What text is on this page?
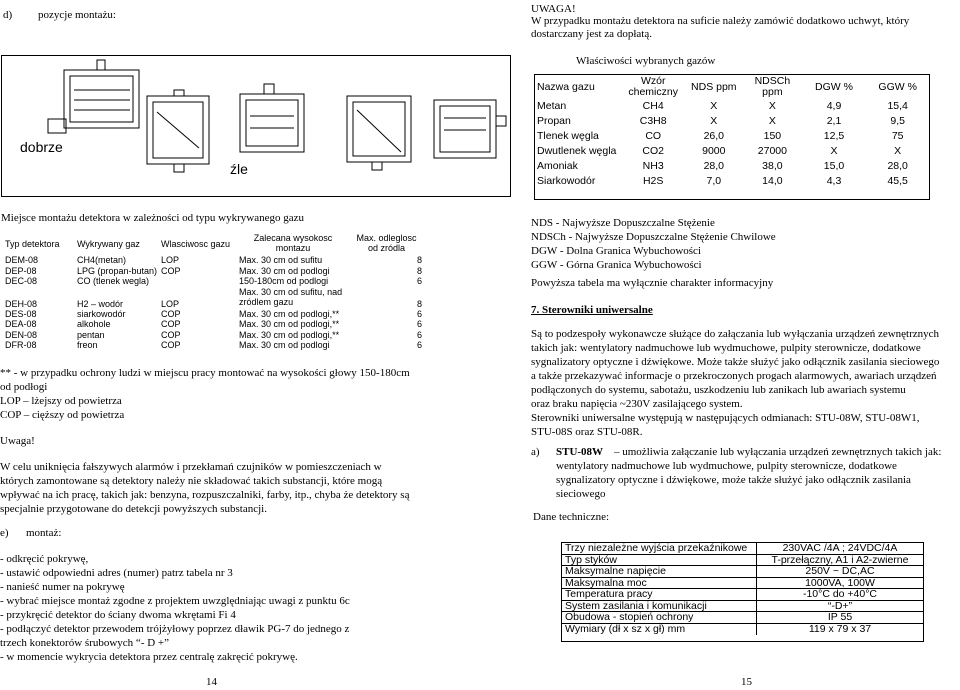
d) pozycje montażu:
dobrze
źle
Miejsce montażu detektora w zależności od typu wykrywanego gazu
Typ detektora	Wykrywany gaz	Wlasciwosc gazu	Zalecana wysokosc montazu	Max. odleglosc od zródla
DEM-08	CH4(metan)	LOP	Max. 30 cm od sufitu	8
DEP-08	LPG (propan-butan)	COP	Max. 30 cm od podlogi	8
DEC-08	CO (tlenek wegla)		150-180cm od podlogi	6
DEH-08	H2 – wodór	LOP	Max. 30 cm od sufitu, nad zródlem gazu	8
DES-08	siarkowodór	COP	Max. 30 cm od podlogi,**	6
DEA-08	alkohole	COP	Max. 30 cm od podlogi,**	6
DEN-08	pentan	COP	Max. 30 cm od podlogi,**	6
DFR-08	freon	COP	Max. 30 cm od podlogi	6

** - w przypadku ochrony ludzi w miejscu pracy montować na wysokości głowy 150-180cm

od podłogi

LOP – lżejszy od powietrza

COP – cięższy od powietrza

Uwaga!

W celu uniknięcia fałszywych alarmów i przekłamań czujników w pomieszczeniach w

których zamontowane są detektory należy nie składować takich substancji, które mogą

wpływać na ich pracę, takich jak: benzyna, rozpuszczalniki, farby, itp., chyba że detektory są

specjalnie przygotowane do detekcji powyższych substancji.

e) montaż:

- odkręcić pokrywę,

- ustawić odpowiedni adres (numer) patrz tabela nr 3

- nanieść numer na pokrywę

- wybrać miejsce montaż zgodne z projektem uwzględniając uwagi z punktu 6c

- przykręcić detektor do ściany dwoma wkrętami Fi 4

- podłączyć detektor przewodem trójżyłowy poprzez dławik PG-7 do jednego z

trzech konektorów śrubowych “- D +”

- w momencie wykrycia detektora przez centralę zakręcić pokrywę.

14
UWAGA!

W przypadku montażu detektora na suficie należy zamówić dodatkowo uchwyt, który

dostarczany jest za dopłatą.

Właściwości wybranych gazów
Nazwa gazu	Wzór chemiczny	NDS ppm	NDSCh ppm	DGW %	GGW %
Metan	CH4	X	X	4,9	15,4
Propan	C3H8	X	X	2,1	9,5
Tlenek węgla	CO	26,0	150	12,5	75
Dwutlenek węgla	CO2	9000	27000	X	X
Amoniak	NH3	28,0	38,0	15,0	28,0
Siarkowodór	H2S	7,0	14,0	4,3	45,5

NDS - Najwyższe Dopuszczalne Stężenie

NDSCh - Najwyższe Dopuszczalne Stężenie Chwilowe

DGW - Dolna Granica Wybuchowości

GGW - Górna Granica Wybuchowości

Powyższa tabela ma wyłącznie charakter informacyjny
7. Sterowniki uniwersalne

Są to podzespoły wykonawcze służące do załączania lub wyłączania urządzeń zewnętrznych

takich jak: wentylatory nadmuchowe lub wydmuchowe, pulpity sterownicze, dodatkowe

sygnalizatory optyczne i dźwiękowe. Może także służyć jako odłącznik zasilania sieciowego

a także przekazywać informacje o przekroczonych progach alarmowych, awariach urządzeń

podłączonych do systemu, sabotażu, uszkodzeniu lub zanikach lub awariach systemu

oraz braku napięcia ~230V zasilającego system.

Sterowniki uniwersalne występują w następujących odmianach: STU-08W, STU-08W1,

STU-08S oraz STU-08R.

a) STU-08W – umożliwia załączanie lub wyłączania urządzeń zewnętrznych takich jak:

wentylatory nadmuchowe lub wydmuchowe, pulpity sterownicze, dodatkowe

sygnalizatory optyczne i dźwiękowe, może także służyć jako odłącznik zasilania

sieciowego

Dane techniczne:
Trzy niezależne wyjścia przekaźnikowe	230VAC /4A ; 24VDC/4A
Typ styków	T-przełączny, A1 i A2-zwierne
Maksymalne napięcie	250V ~ DC,AC
Maksymalna moc	1000VA, 100W
Temperatura pracy	-10°C do +40°C
System zasilania i komunikacji	“-D+”
Obudowa - stopień ochrony	IP 55
Wymiary (dł x sz x gł) mm	119 x 79 x 37
15
